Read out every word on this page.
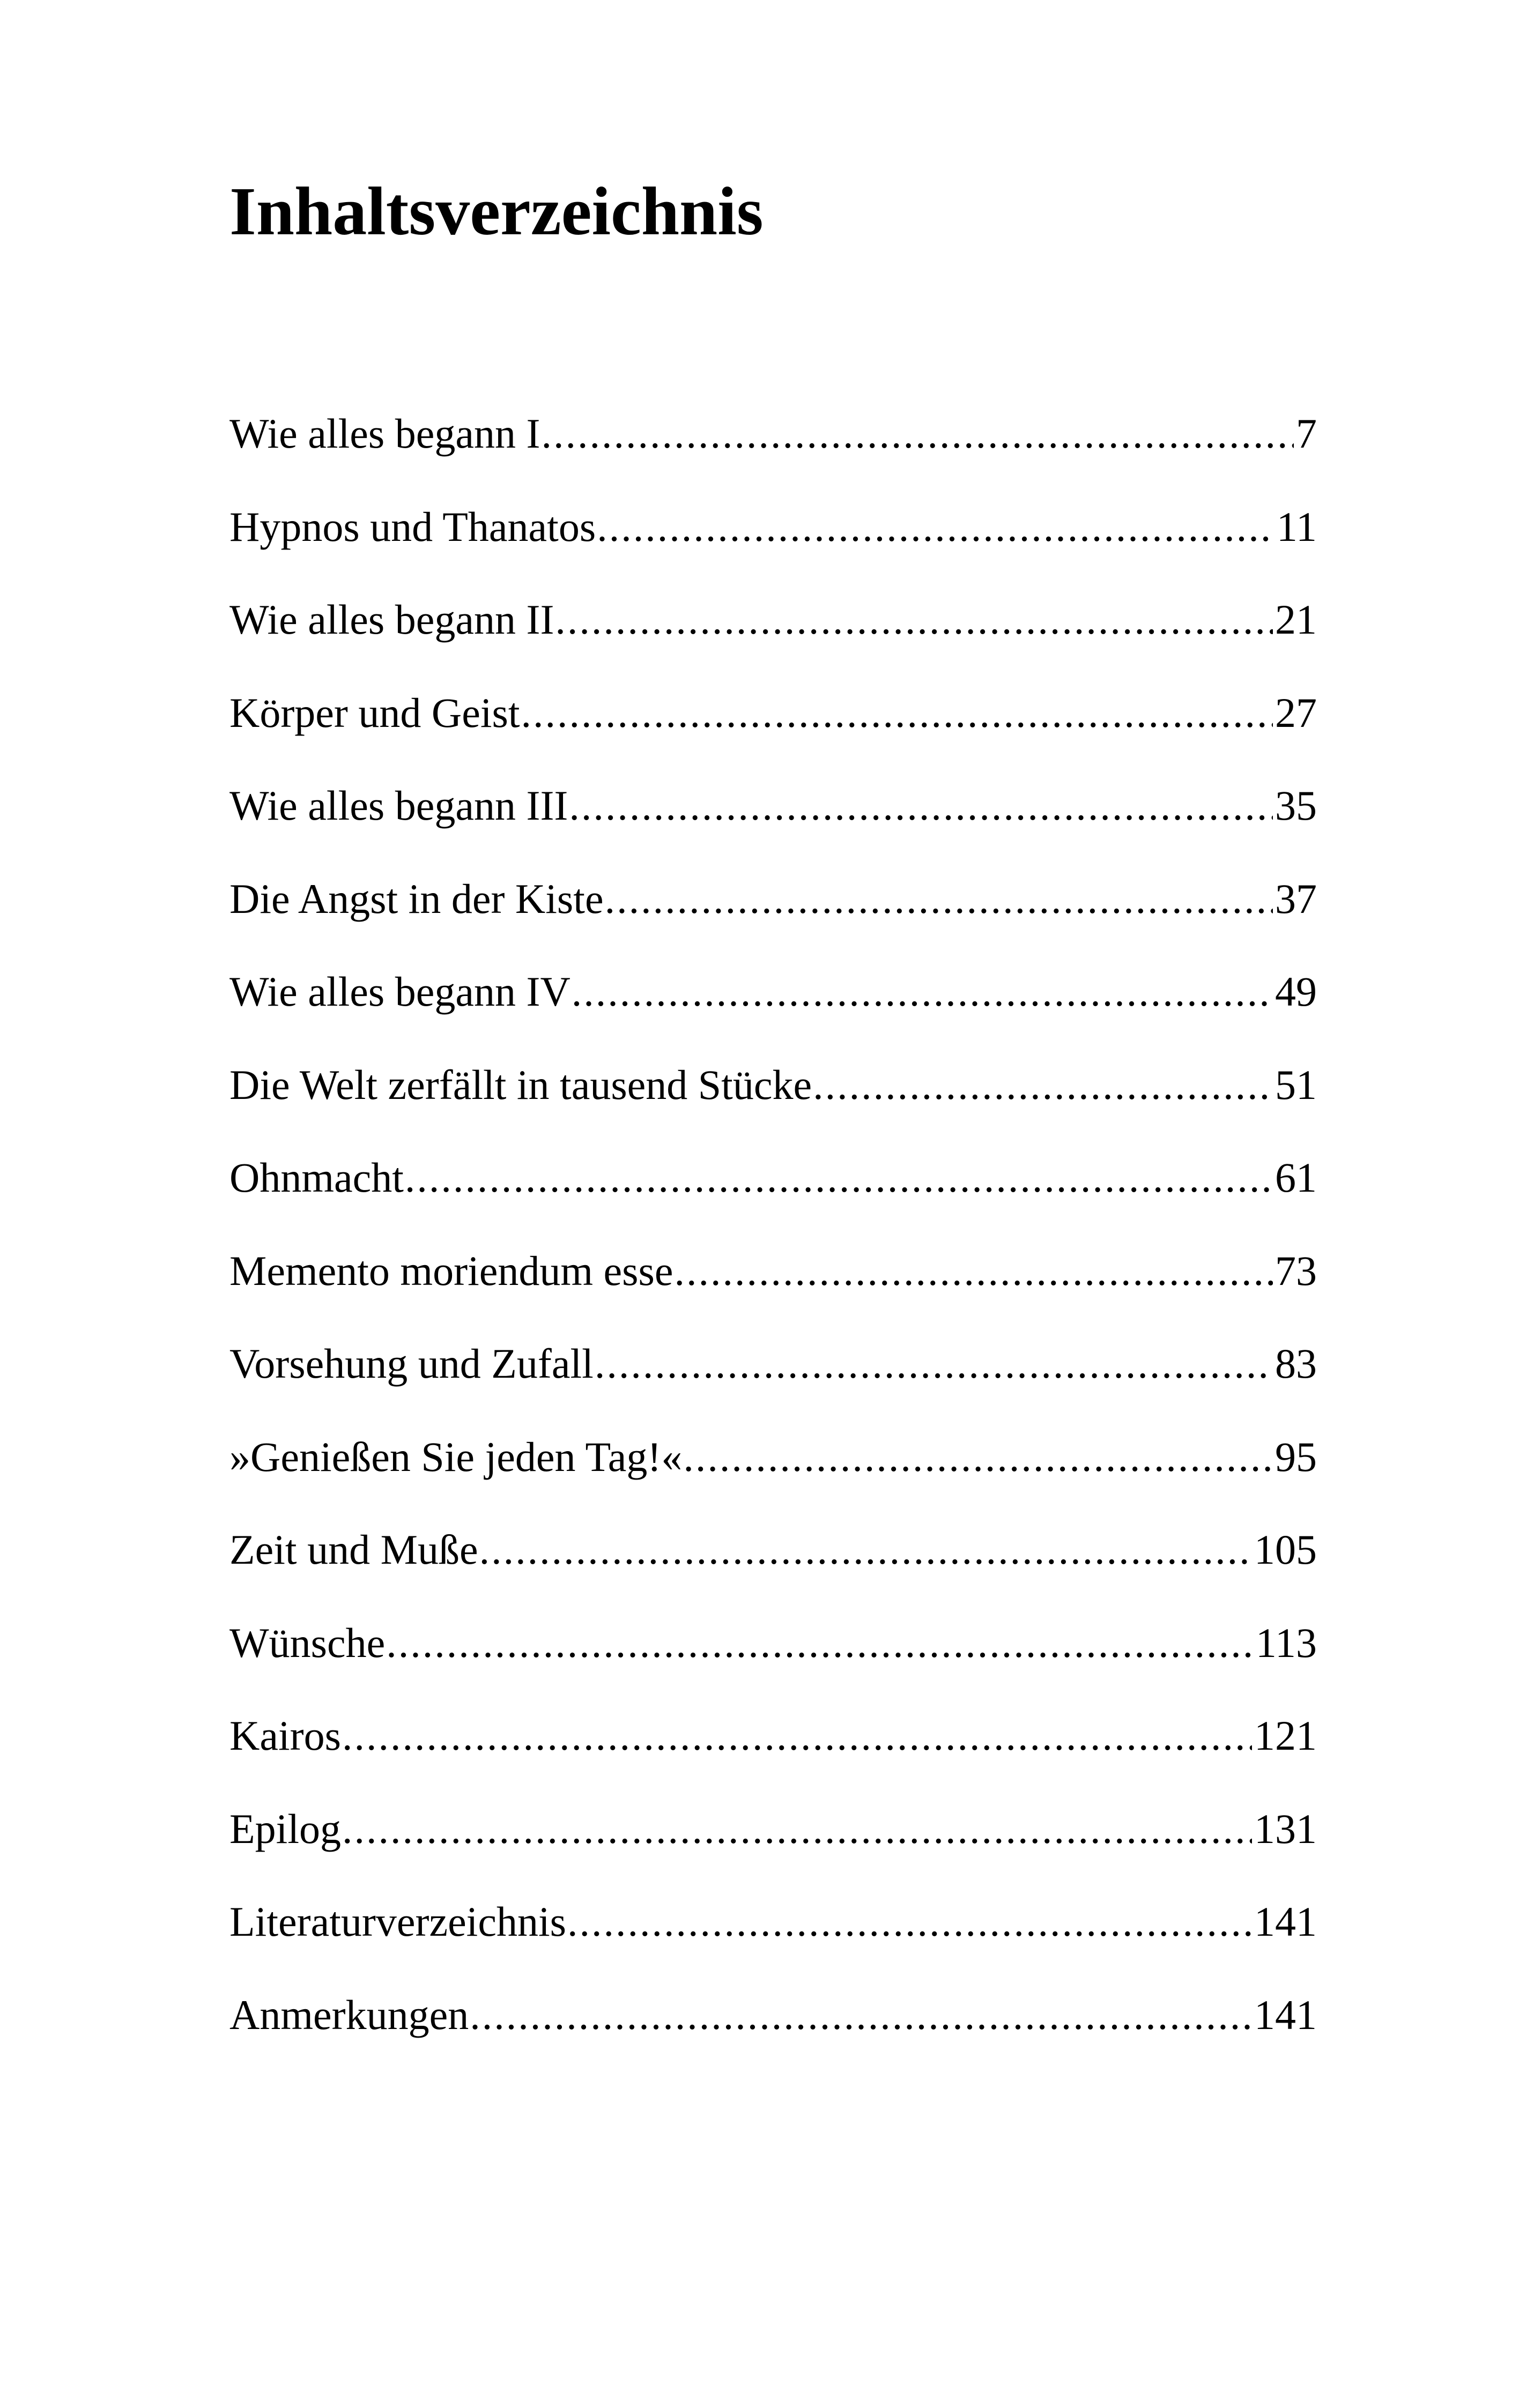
Inhaltsverzeichnis
Wie alles begann I .....	7
Hypnos und Thanatos .....	11
Wie alles begann II .....	21
Körper und Geist .....	27
Wie alles begann III .....	35
Die Angst in der Kiste .....	37
Wie alles begann IV .....	49
Die Welt zerfällt in tausend Stücke .....	51
Ohnmacht .....	61
Memento moriendum esse .....	73
Vorsehung und Zufall .....	83
»Genießen Sie jeden Tag!« .....	95
Zeit und Muße .....	105
Wünsche .....	113
Kairos .....	121
Epilog .....	131
Literaturverzeichnis .....	141
Anmerkungen .....	141
